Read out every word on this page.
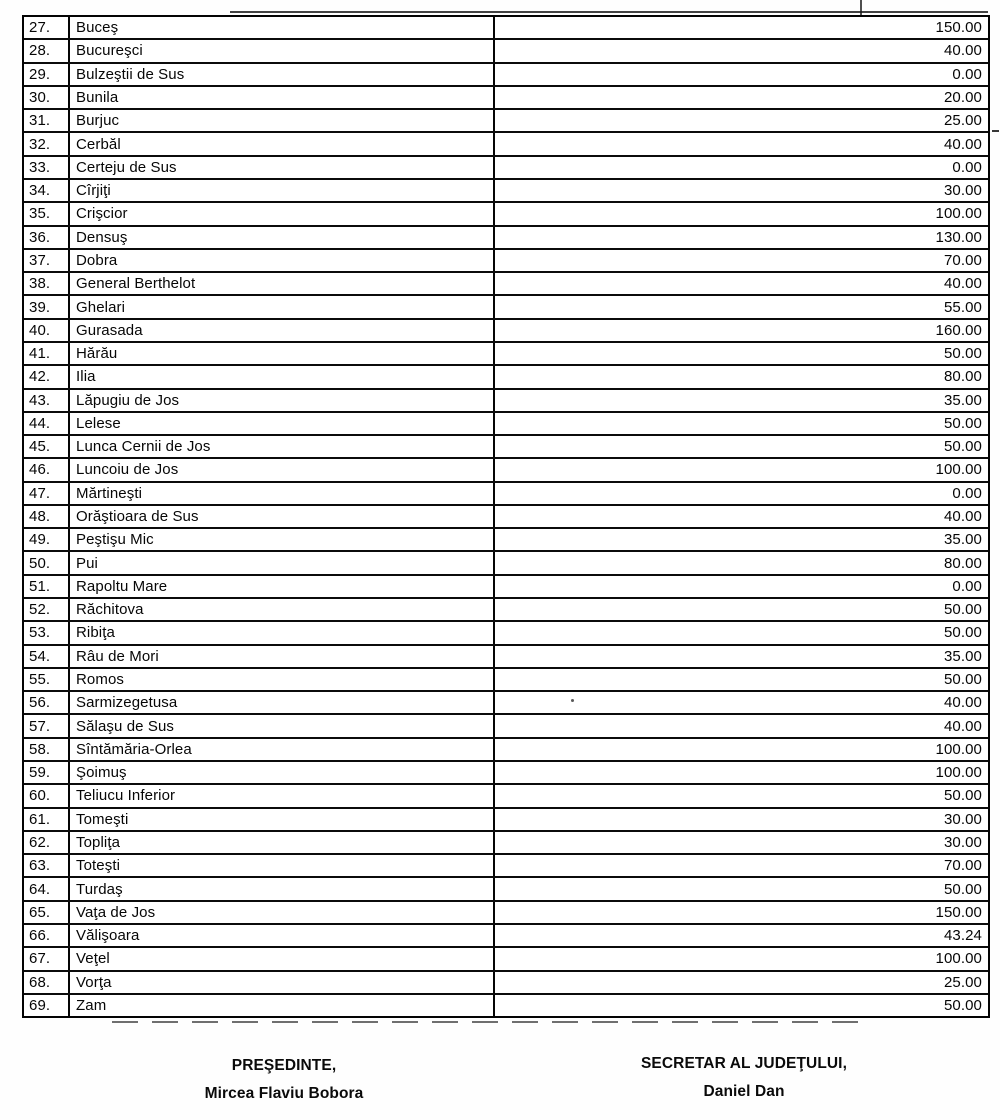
27.	Buceş	150.00
28.	Bucureşci	40.00
29.	Bulzeştii de Sus	0.00
30.	Bunila	20.00
31.	Burjuc	25.00
32.	Cerbăl	40.00
33.	Certeju de Sus	0.00
34.	Cîrjiţi	30.00
35.	Crişcior	100.00
36.	Densuş	130.00
37.	Dobra	70.00
38.	General Berthelot	40.00
39.	Ghelari	55.00
40.	Gurasada	160.00
41.	Hărău	50.00
42.	Ilia	80.00
43.	Lăpugiu de Jos	35.00
44.	Lelese	50.00
45.	Lunca Cernii de Jos	50.00
46.	Luncoiu de Jos	100.00
47.	Mărtineşti	0.00
48.	Orăştioara de Sus	40.00
49.	Peştişu Mic	35.00
50.	Pui	80.00
51.	Rapoltu Mare	0.00
52.	Răchitova	50.00
53.	Ribiţa	50.00
54.	Râu de Mori	35.00
55.	Romos	50.00
56.	Sarmizegetusa	40.00
57.	Sălaşu de Sus	40.00
58.	Sîntămăria-Orlea	100.00
59.	Şoimuş	100.00
60.	Teliucu Inferior	50.00
61.	Tomeşti	30.00
62.	Topliţa	30.00
63.	Toteşti	70.00
64.	Turdaş	50.00
65.	Vaţa de Jos	150.00
66.	Vălişoara	43.24
67.	Veţel	100.00
68.	Vorţa	25.00
69.	Zam	50.00
PREŞEDINTE,
Mircea Flaviu Bobora
SECRETAR AL JUDEŢULUI,
Daniel Dan
